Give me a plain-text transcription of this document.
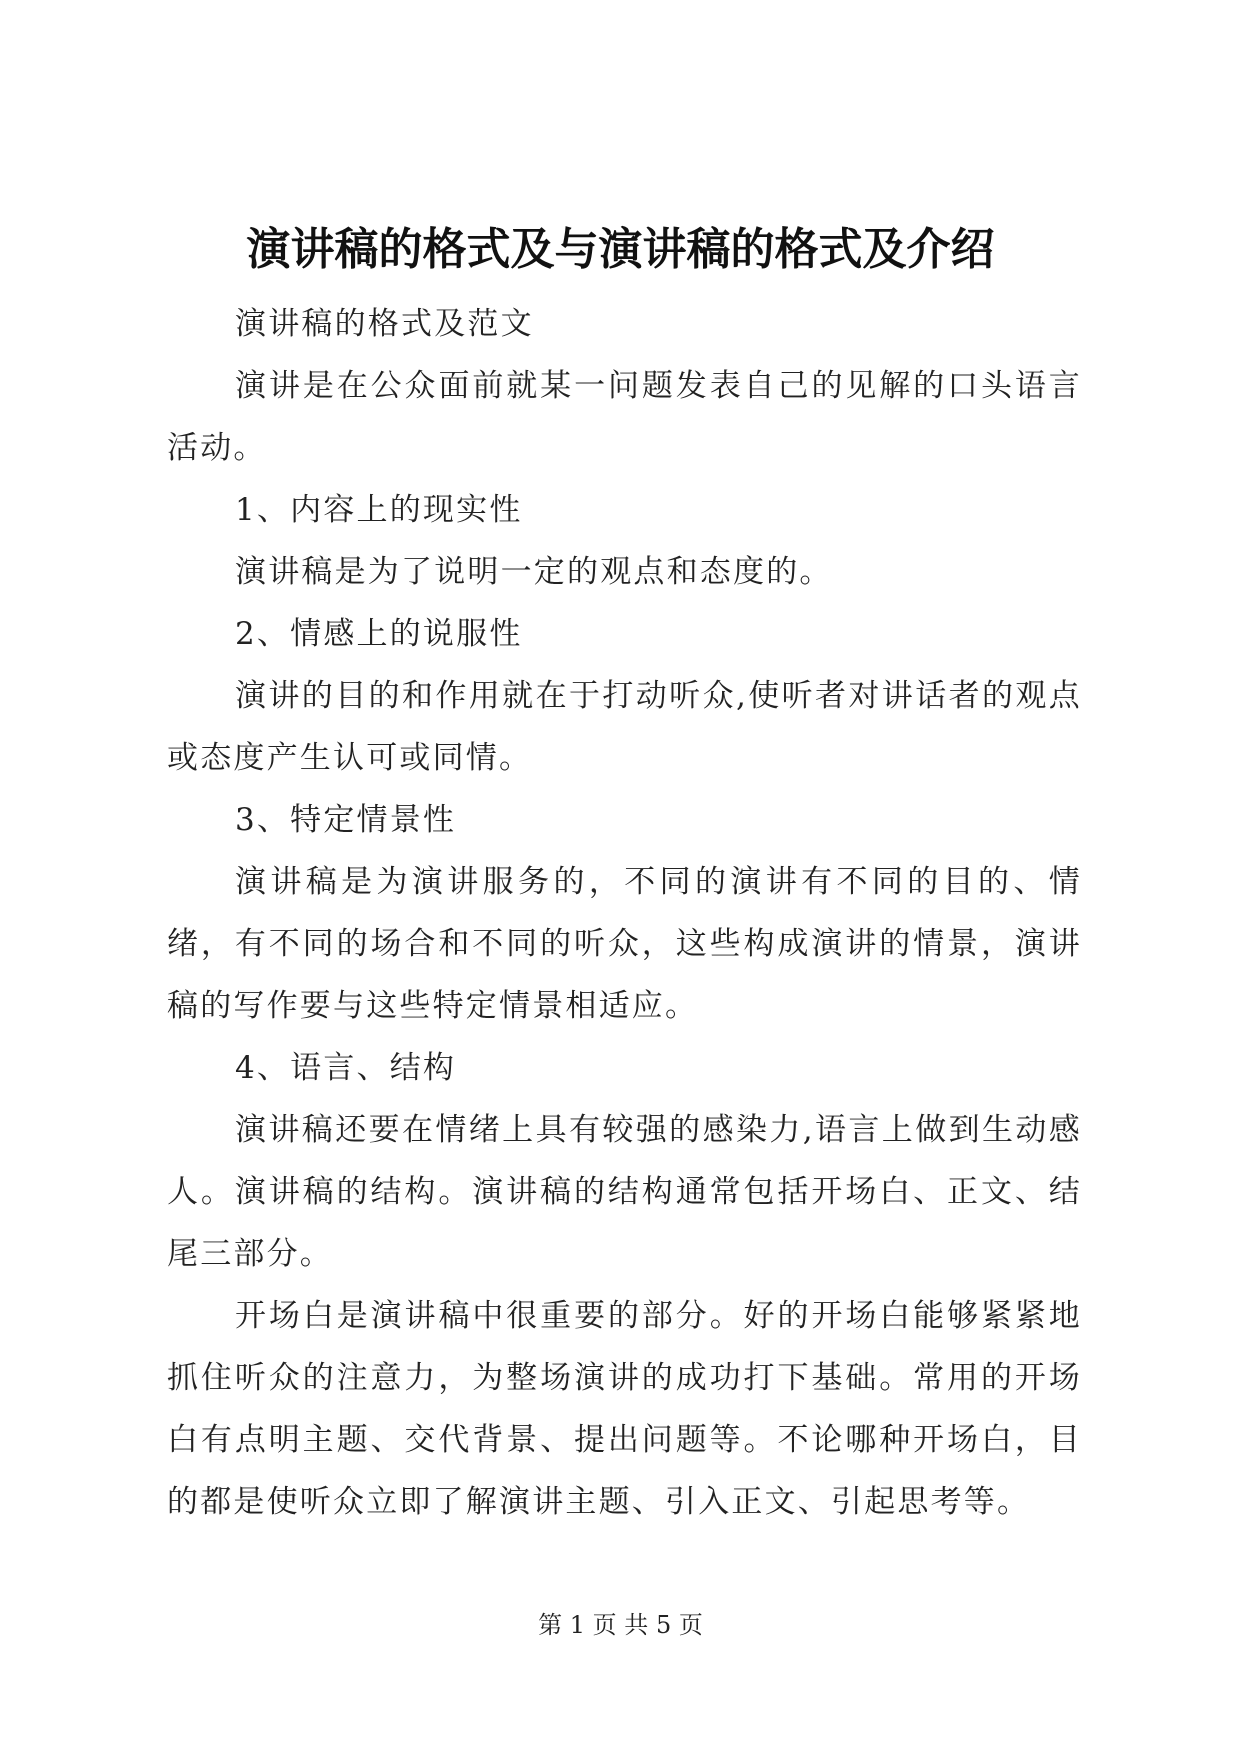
演讲稿的格式及与演讲稿的格式及介绍

演讲稿的格式及范文

演讲是在公众面前就某一问题发表自己的见解的口头语言活动。

1、内容上的现实性

演讲稿是为了说明一定的观点和态度的。

2、情感上的说服性

演讲的目的和作用就在于打动听众,使听者对讲话者的观点或态度产生认可或同情。

3、特定情景性

演讲稿是为演讲服务的，不同的演讲有不同的目的、情绪，有不同的场合和不同的听众，这些构成演讲的情景，演讲稿的写作要与这些特定情景相适应。

4、语言、结构

演讲稿还要在情绪上具有较强的感染力,语言上做到生动感人。演讲稿的结构。演讲稿的结构通常包括开场白、正文、结尾三部分。

开场白是演讲稿中很重要的部分。好的开场白能够紧紧地抓住听众的注意力，为整场演讲的成功打下基础。常用的开场白有点明主题、交代背景、提出问题等。不论哪种开场白，目的都是使听众立即了解演讲主题、引入正文、引起思考等。

第 1 页 共 5 页
